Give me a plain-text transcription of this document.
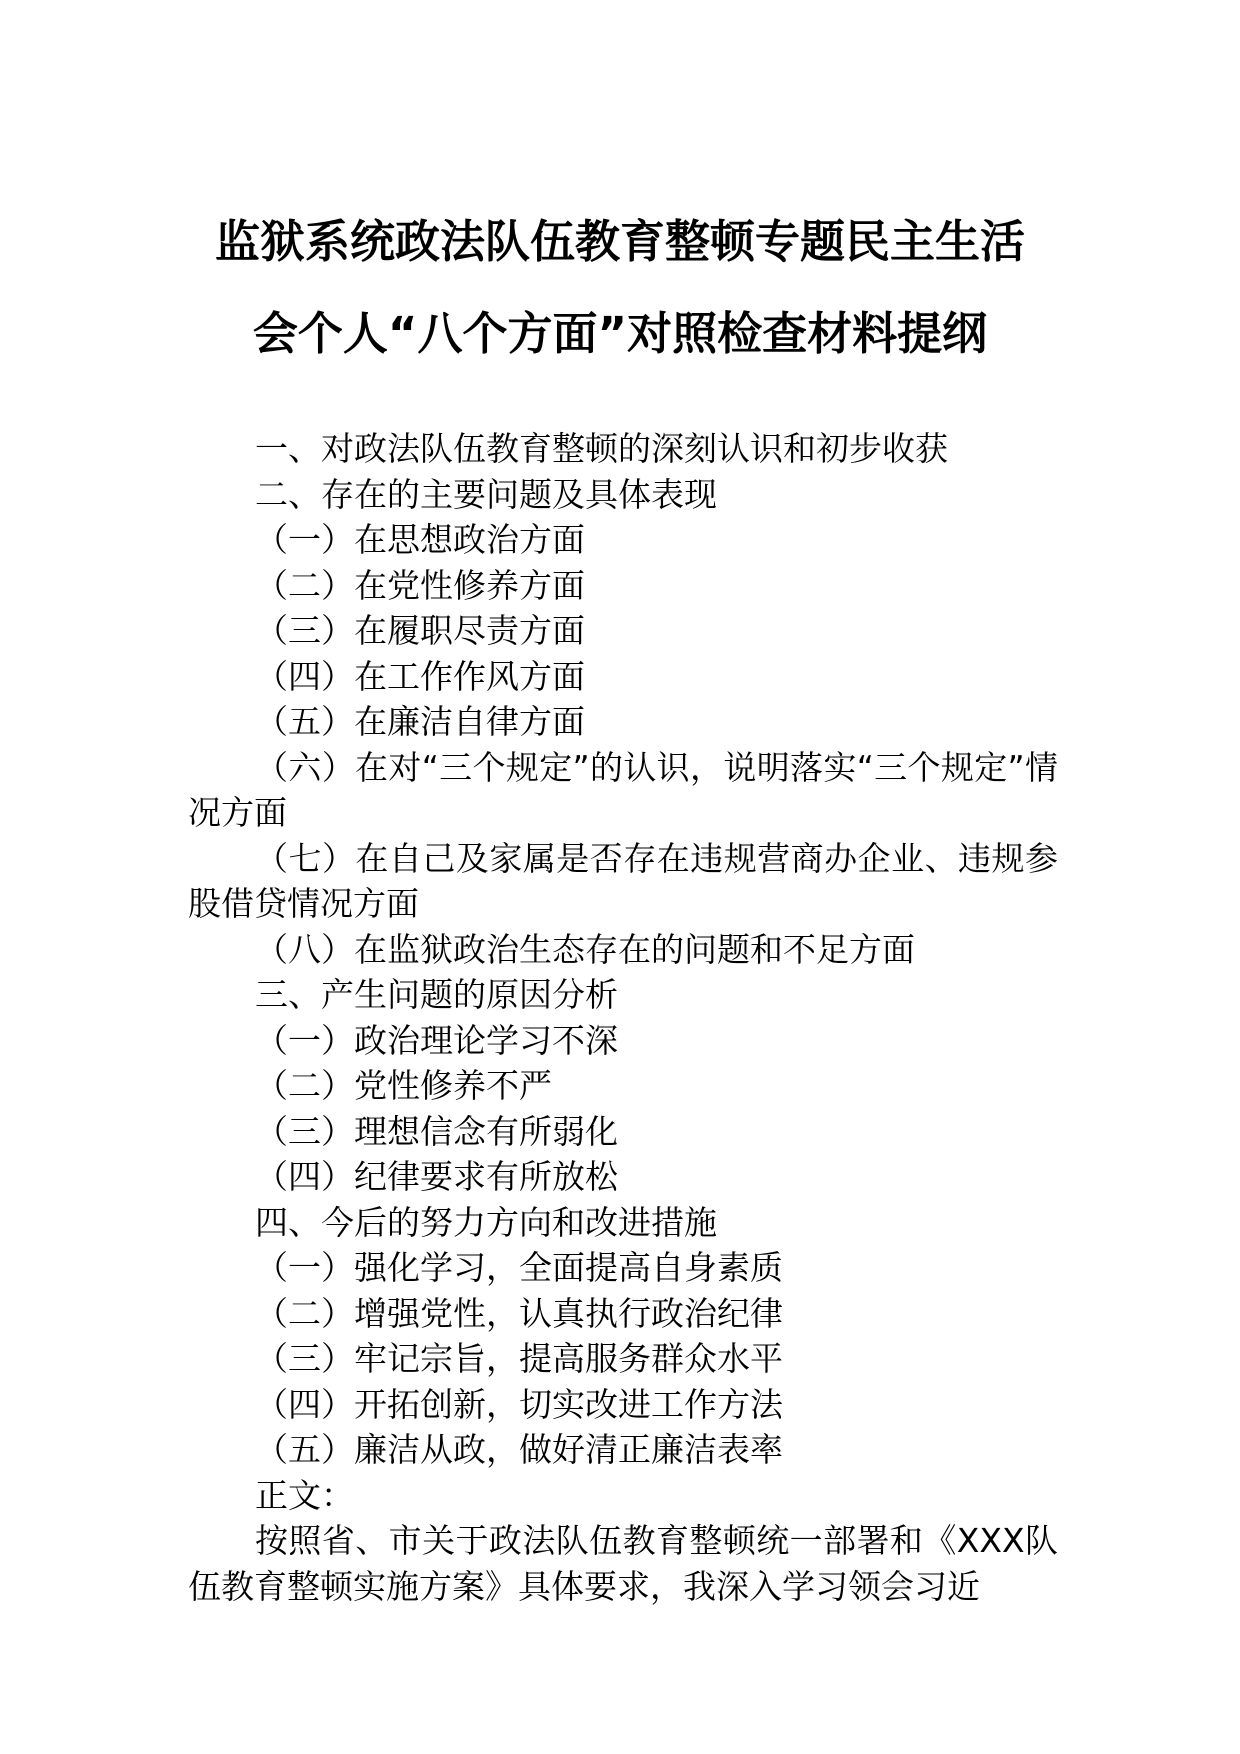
监狱系统政法队伍教育整顿专题民主生活
会个人“八个方面”对照检查材料提纲

一、对政法队伍教育整顿的深刻认识和初步收获

二、存在的主要问题及具体表现

（一）在思想政治方面

（二）在党性修养方面

（三）在履职尽责方面

（四）在工作作风方面

（五）在廉洁自律方面

（六）在对“三个规定”的认识，说明落实“三个规定”情况方面

（七）在自己及家属是否存在违规营商办企业、违规参股借贷情况方面

（八）在监狱政治生态存在的问题和不足方面

三、产生问题的原因分析

（一）政治理论学习不深

（二）党性修养不严

（三）理想信念有所弱化

（四）纪律要求有所放松

四、今后的努力方向和改进措施

（一）强化学习，全面提高自身素质

（二）增强党性，认真执行政治纪律

（三）牢记宗旨，提高服务群众水平

（四）开拓创新，切实改进工作方法

（五）廉洁从政，做好清正廉洁表率

正文：

按照省、市关于政法队伍教育整顿统一部署和《XXX队伍教育整顿实施方案》具体要求，我深入学习领会习近
